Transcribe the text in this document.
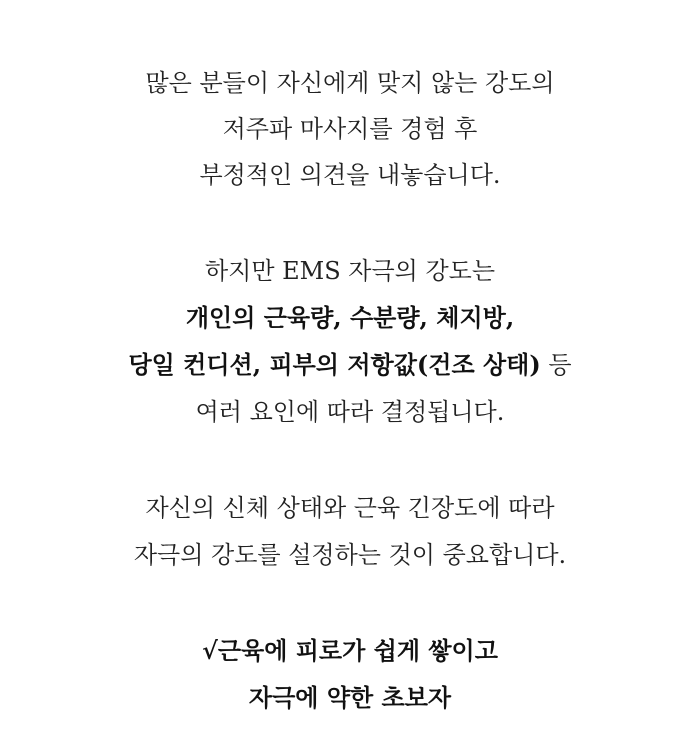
많은 분들이 자신에게 맞지 않는 강도의
저주파 마사지를 경험 후
부정적인 의견을 내놓습니다.
하지만 EMS 자극의 강도는
개인의 근육량, 수분량, 체지방,
당일 컨디션, 피부의 저항값(건조 상태) 등
여러 요인에 따라 결정됩니다.
자신의 신체 상태와 근육 긴장도에 따라
자극의 강도를 설정하는 것이 중요합니다.
√근육에 피로가 쉽게 쌓이고
자극에 약한 초보자
